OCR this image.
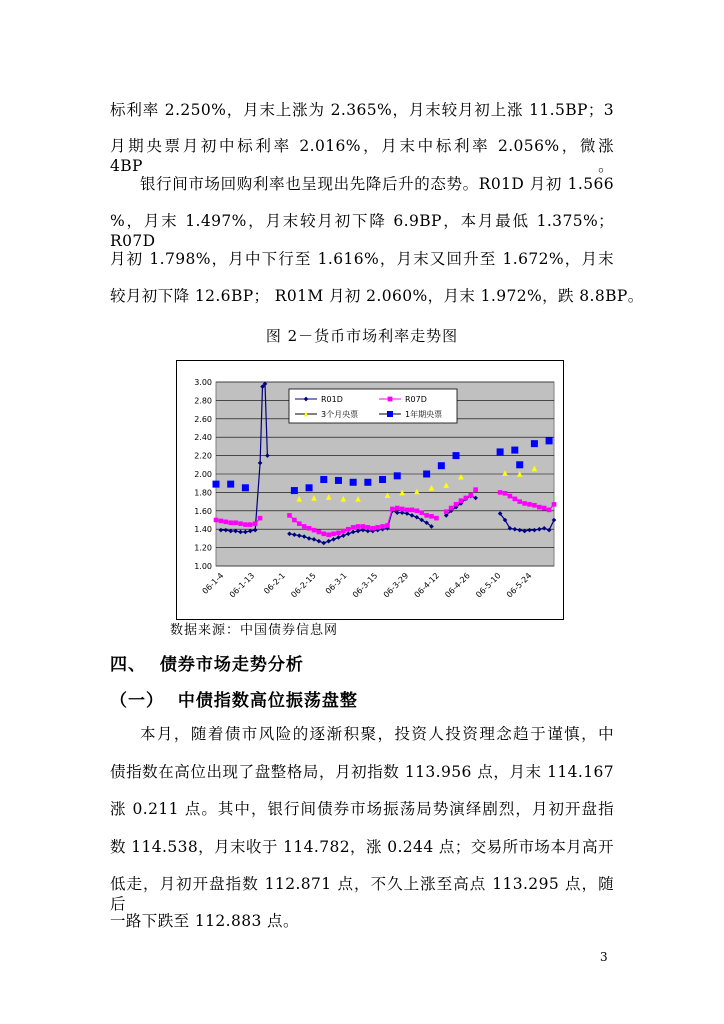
标利率 2.250%，月末上涨为 2.365%，月末较月初上涨 11.5BP；3
月期央票月初中标利率 2.016%，月末中标利率 2.056%，微涨 4BP。
银行间市场回购利率也呈现出先降后升的态势。R01D 月初 1.566
%，月末 1.497%，月末较月初下降 6.9BP，本月最低 1.375%；R07D
月初 1.798%，月中下行至 1.616%，月末又回升至 1.672%，月末
较月初下降 12.6BP； R01M 月初 2.060%，月末 1.972%，跌 8.8BP。
图 2－货币市场利率走势图
3.00
2.80
2.60
2.40
2.20
2.00
1.80
1.60
1.40
1.20
1.00
06-1-4 06-1-13 06-2-1 06-2-15 06-3-1 06-3-15 06-3-29 06-4-12 06-4-26 06-5-10 06-5-24
R01D	R07D
3个月央票	1年期央票
数据来源：中国债券信息网
四、  债券市场走势分析
（一）  中债指数高位振荡盘整
本月，随着债市风险的逐渐积聚，投资人投资理念趋于谨慎，中
债指数在高位出现了盘整格局，月初指数 113.956 点，月末 114.167
涨 0.211 点。其中，银行间债券市场振荡局势演绎剧烈，月初开盘指
数 114.538，月末收于 114.782，涨 0.244 点；交易所市场本月高开
低走，月初开盘指数 112.871 点，不久上涨至高点 113.295 点，随后
一路下跌至 112.883 点。
3
